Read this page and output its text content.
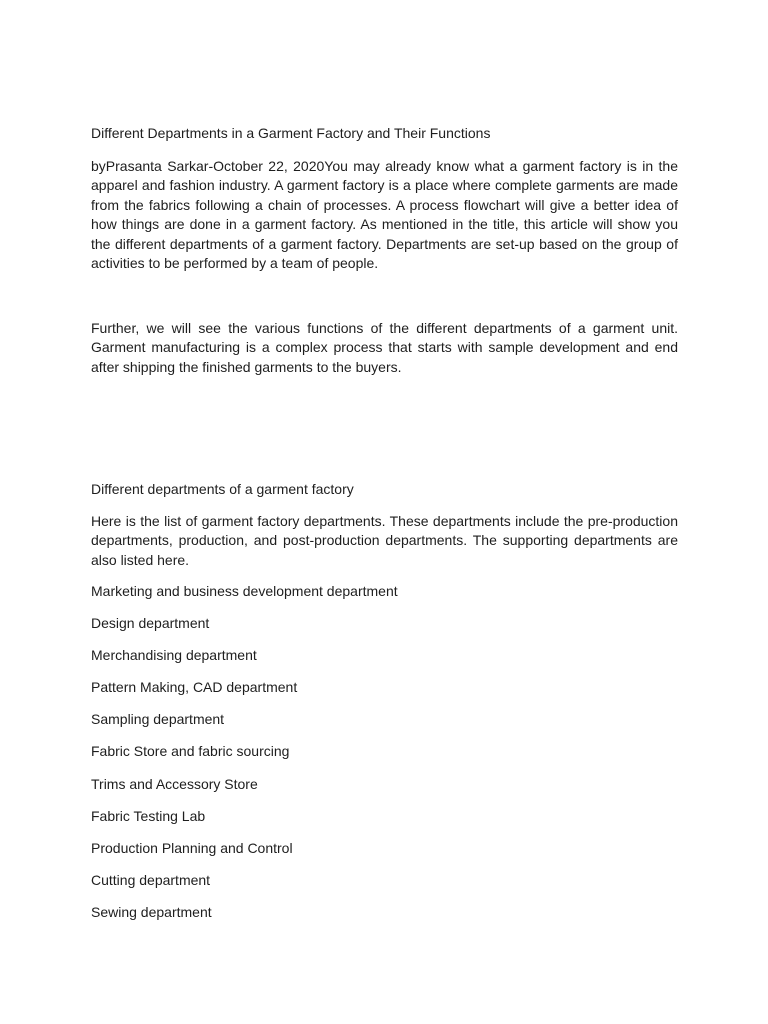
Different Departments in a Garment Factory and Their Functions

byPrasanta Sarkar-October 22, 2020You may already know what a garment factory is in the apparel and fashion industry. A garment factory is a place where complete garments are made from the fabrics following a chain of processes. A process flowchart will give a better idea of how things are done in a garment factory. As mentioned in the title, this article will show you the different departments of a garment factory. Departments are set-up based on the group of activities to be performed by a team of people.

Further, we will see the various functions of the different departments of a garment unit. Garment manufacturing is a complex process that starts with sample development and end after shipping the finished garments to the buyers.

Different departments of a garment factory

Here is the list of garment factory departments. These departments include the pre-production departments, production, and post-production departments. The supporting departments are also listed here.

Marketing and business development department
Design department
Merchandising department
Pattern Making, CAD department
Sampling department
Fabric Store and fabric sourcing
Trims and Accessory Store
Fabric Testing Lab
Production Planning and Control
Cutting department
Sewing department
